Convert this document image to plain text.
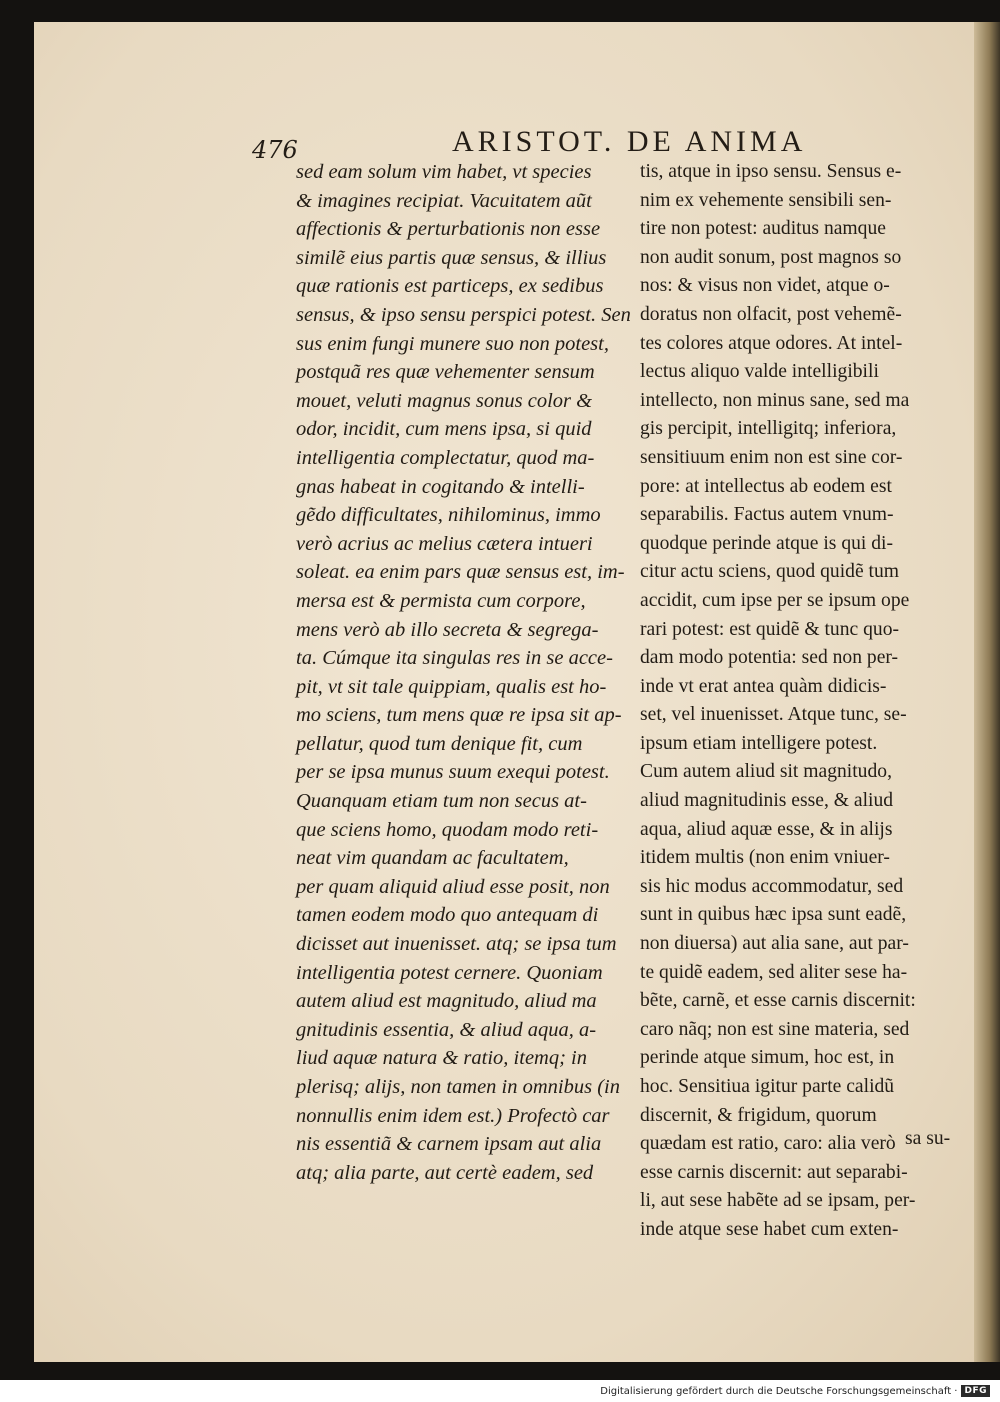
476	ARISTOT. DE ANIMA
sed eam solum vim habet, vt species
& imagines recipiat. Vacuitatem aũt
affectionis & perturbationis non esse
similẽ eius partis quæ sensus, & illius
quæ rationis est particeps, ex sedibus
sensus, & ipso sensu perspici potest. Sen
sus enim fungi munere suo non potest,
postquã res quæ vehementer sensum
mouet, veluti magnus sonus color &
odor, incidit, cum mens ipsa, si quid
intelligentia complectatur, quod ma-
gnas habeat in cogitando & intelli-
gẽdo difficultates, nihilominus, immo
verò acrius ac melius cætera intueri
soleat. ea enim pars quæ sensus est, im-
mersa est & permista cum corpore,
mens verò ab illo secreta & segrega-
ta. Cúmque ita singulas res in se acce-
pit, vt sit tale quippiam, qualis est ho-
mo sciens, tum mens quæ re ipsa sit ap-
pellatur, quod tum denique fit, cum
per se ipsa munus suum exequi potest.
Quanquam etiam tum non secus at-
que sciens homo, quodam modo reti-
neat vim quandam ac facultatem,
per quam aliquid aliud esse posit, non
tamen eodem modo quo antequam di
dicisset aut inuenisset. atq; se ipsa tum
intelligentia potest cernere. Quoniam
autem aliud est magnitudo, aliud ma
gnitudinis essentia, & aliud aqua, a-
liud aquæ natura & ratio, itemq; in
plerisq; alijs, non tamen in omnibus (in
nonnullis enim idem est.) Profectò car
nis essentiã & carnem ipsam aut alia
atq; alia parte, aut certè eadem, sed
tis, atque in ipso sensu. Sensus e-
nim ex vehemente sensibili sen-
tire non potest: auditus namque
non audit sonum, post magnos so
nos: & visus non videt, atque o-
doratus non olfacit, post vehemẽ-
tes colores atque odores. At intel-
lectus aliquo valde intelligibili
intellecto, non minus sane, sed ma
gis percipit, intelligitq; inferiora,
sensitiuum enim non est sine cor-
pore: at intellectus ab eodem est
separabilis. Factus autem vnum-
quodque perinde atque is qui di-
citur actu sciens, quod quidẽ tum
accidit, cum ipse per se ipsum ope
rari potest: est quidẽ & tunc quo-
dam modo potentia: sed non per-
inde vt erat antea quàm didicis-
set, vel inuenisset. Atque tunc, se-
ipsum etiam intelligere potest.
Cum autem aliud sit magnitudo,
aliud magnitudinis esse, & aliud
aqua, aliud aquæ esse, & in alijs
itidem multis (non enim vniuer-
sis hic modus accommodatur, sed
sunt in quibus hæc ipsa sunt eadẽ,
non diuersa) aut alia sane, aut par-
te quidẽ eadem, sed aliter sese ha-
bẽte, carnẽ, et esse carnis discernit:
caro nãq; non est sine materia, sed
perinde atque simum, hoc est, in
hoc. Sensitiua igitur parte calidũ
discernit, & frigidum, quorum
quædam est ratio, caro: alia verò
esse carnis discernit: aut separabi-
li, aut sese habẽte ad se ipsam, per-
inde atque sese habet cum exten-
sa su-
Digitalisierung gefördert durch die Deutsche Forschungsgemeinschaft · DFG
